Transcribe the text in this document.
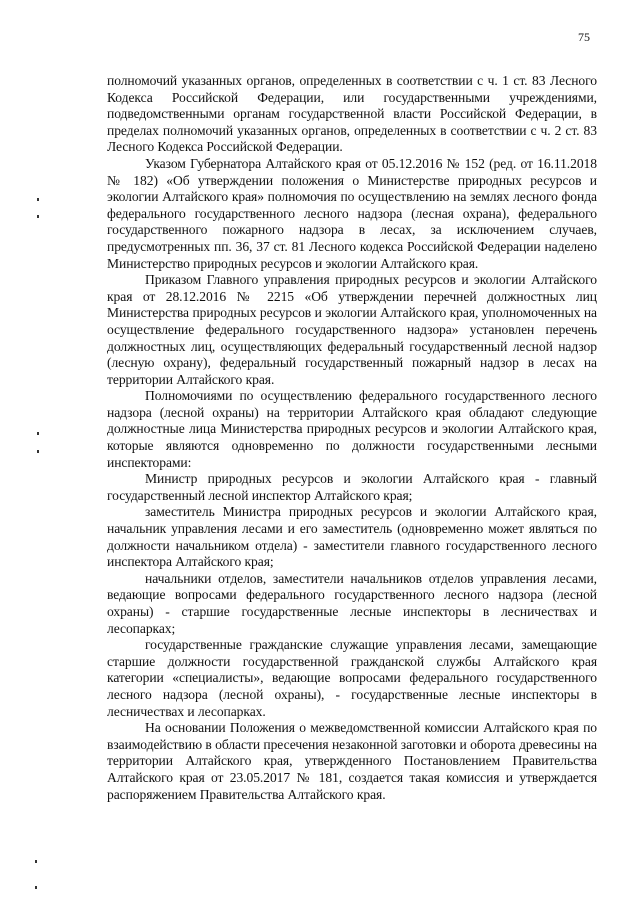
75

полномочий указанных органов, определенных в соответствии с ч. 1 ст. 83 Лесного Кодекса Российской Федерации, или государственными учреждениями, подведомственными органам государственной власти Российской Федерации, в пределах полномочий указанных органов, определенных в соответствии с ч. 2 ст. 83 Лесного Кодекса Российской Федерации.

Указом Губернатора Алтайского края от 05.12.2016 № 152 (ред. от 16.11.2018 № 182) «Об утверждении положения о Министерстве природных ресурсов и экологии Алтайского края» полномочия по осуществлению на землях лесного фонда федерального государственного лесного надзора (лесная охрана), федерального государственного пожарного надзора в лесах, за исключением случаев, предусмотренных пп. 36, 37 ст. 81 Лесного кодекса Российской Федерации наделено Министерство природных ресурсов и экологии Алтайского края.

Приказом Главного управления природных ресурсов и экологии Алтайского края от 28.12.2016 № 2215 «Об утверждении перечней должностных лиц Министерства природных ресурсов и экологии Алтайского края, уполномоченных на осуществление федерального государственного надзора» установлен перечень должностных лиц, осуществляющих федеральный государственный лесной надзор (лесную охрану), федеральный государственный пожарный надзор в лесах на территории Алтайского края.

Полномочиями по осуществлению федерального государственного лесного надзора (лесной охраны) на территории Алтайского края обладают следующие должностные лица Министерства природных ресурсов и экологии Алтайского края, которые являются одновременно по должности государственными лесными инспекторами:

Министр природных ресурсов и экологии Алтайского края - главный государственный лесной инспектор Алтайского края;

заместитель Министра природных ресурсов и экологии Алтайского края, начальник управления лесами и его заместитель (одновременно может являться по должности начальником отдела) - заместители главного государственного лесного инспектора Алтайского края;

начальники отделов, заместители начальников отделов управления лесами, ведающие вопросами федерального государственного лесного надзора (лесной охраны) - старшие государственные лесные инспекторы в лесничествах и лесопарках;

государственные гражданские служащие управления лесами, замещающие старшие должности государственной гражданской службы Алтайского края категории «специалисты», ведающие вопросами федерального государственного лесного надзора (лесной охраны), - государственные лесные инспекторы в лесничествах и лесопарках.

На основании Положения о межведомственной комиссии Алтайского края по взаимодействию в области пресечения незаконной заготовки и оборота древесины на территории Алтайского края, утвержденного Постановлением Правительства Алтайского края от 23.05.2017 № 181, создается такая комиссия и утверждается распоряжением Правительства Алтайского края.
